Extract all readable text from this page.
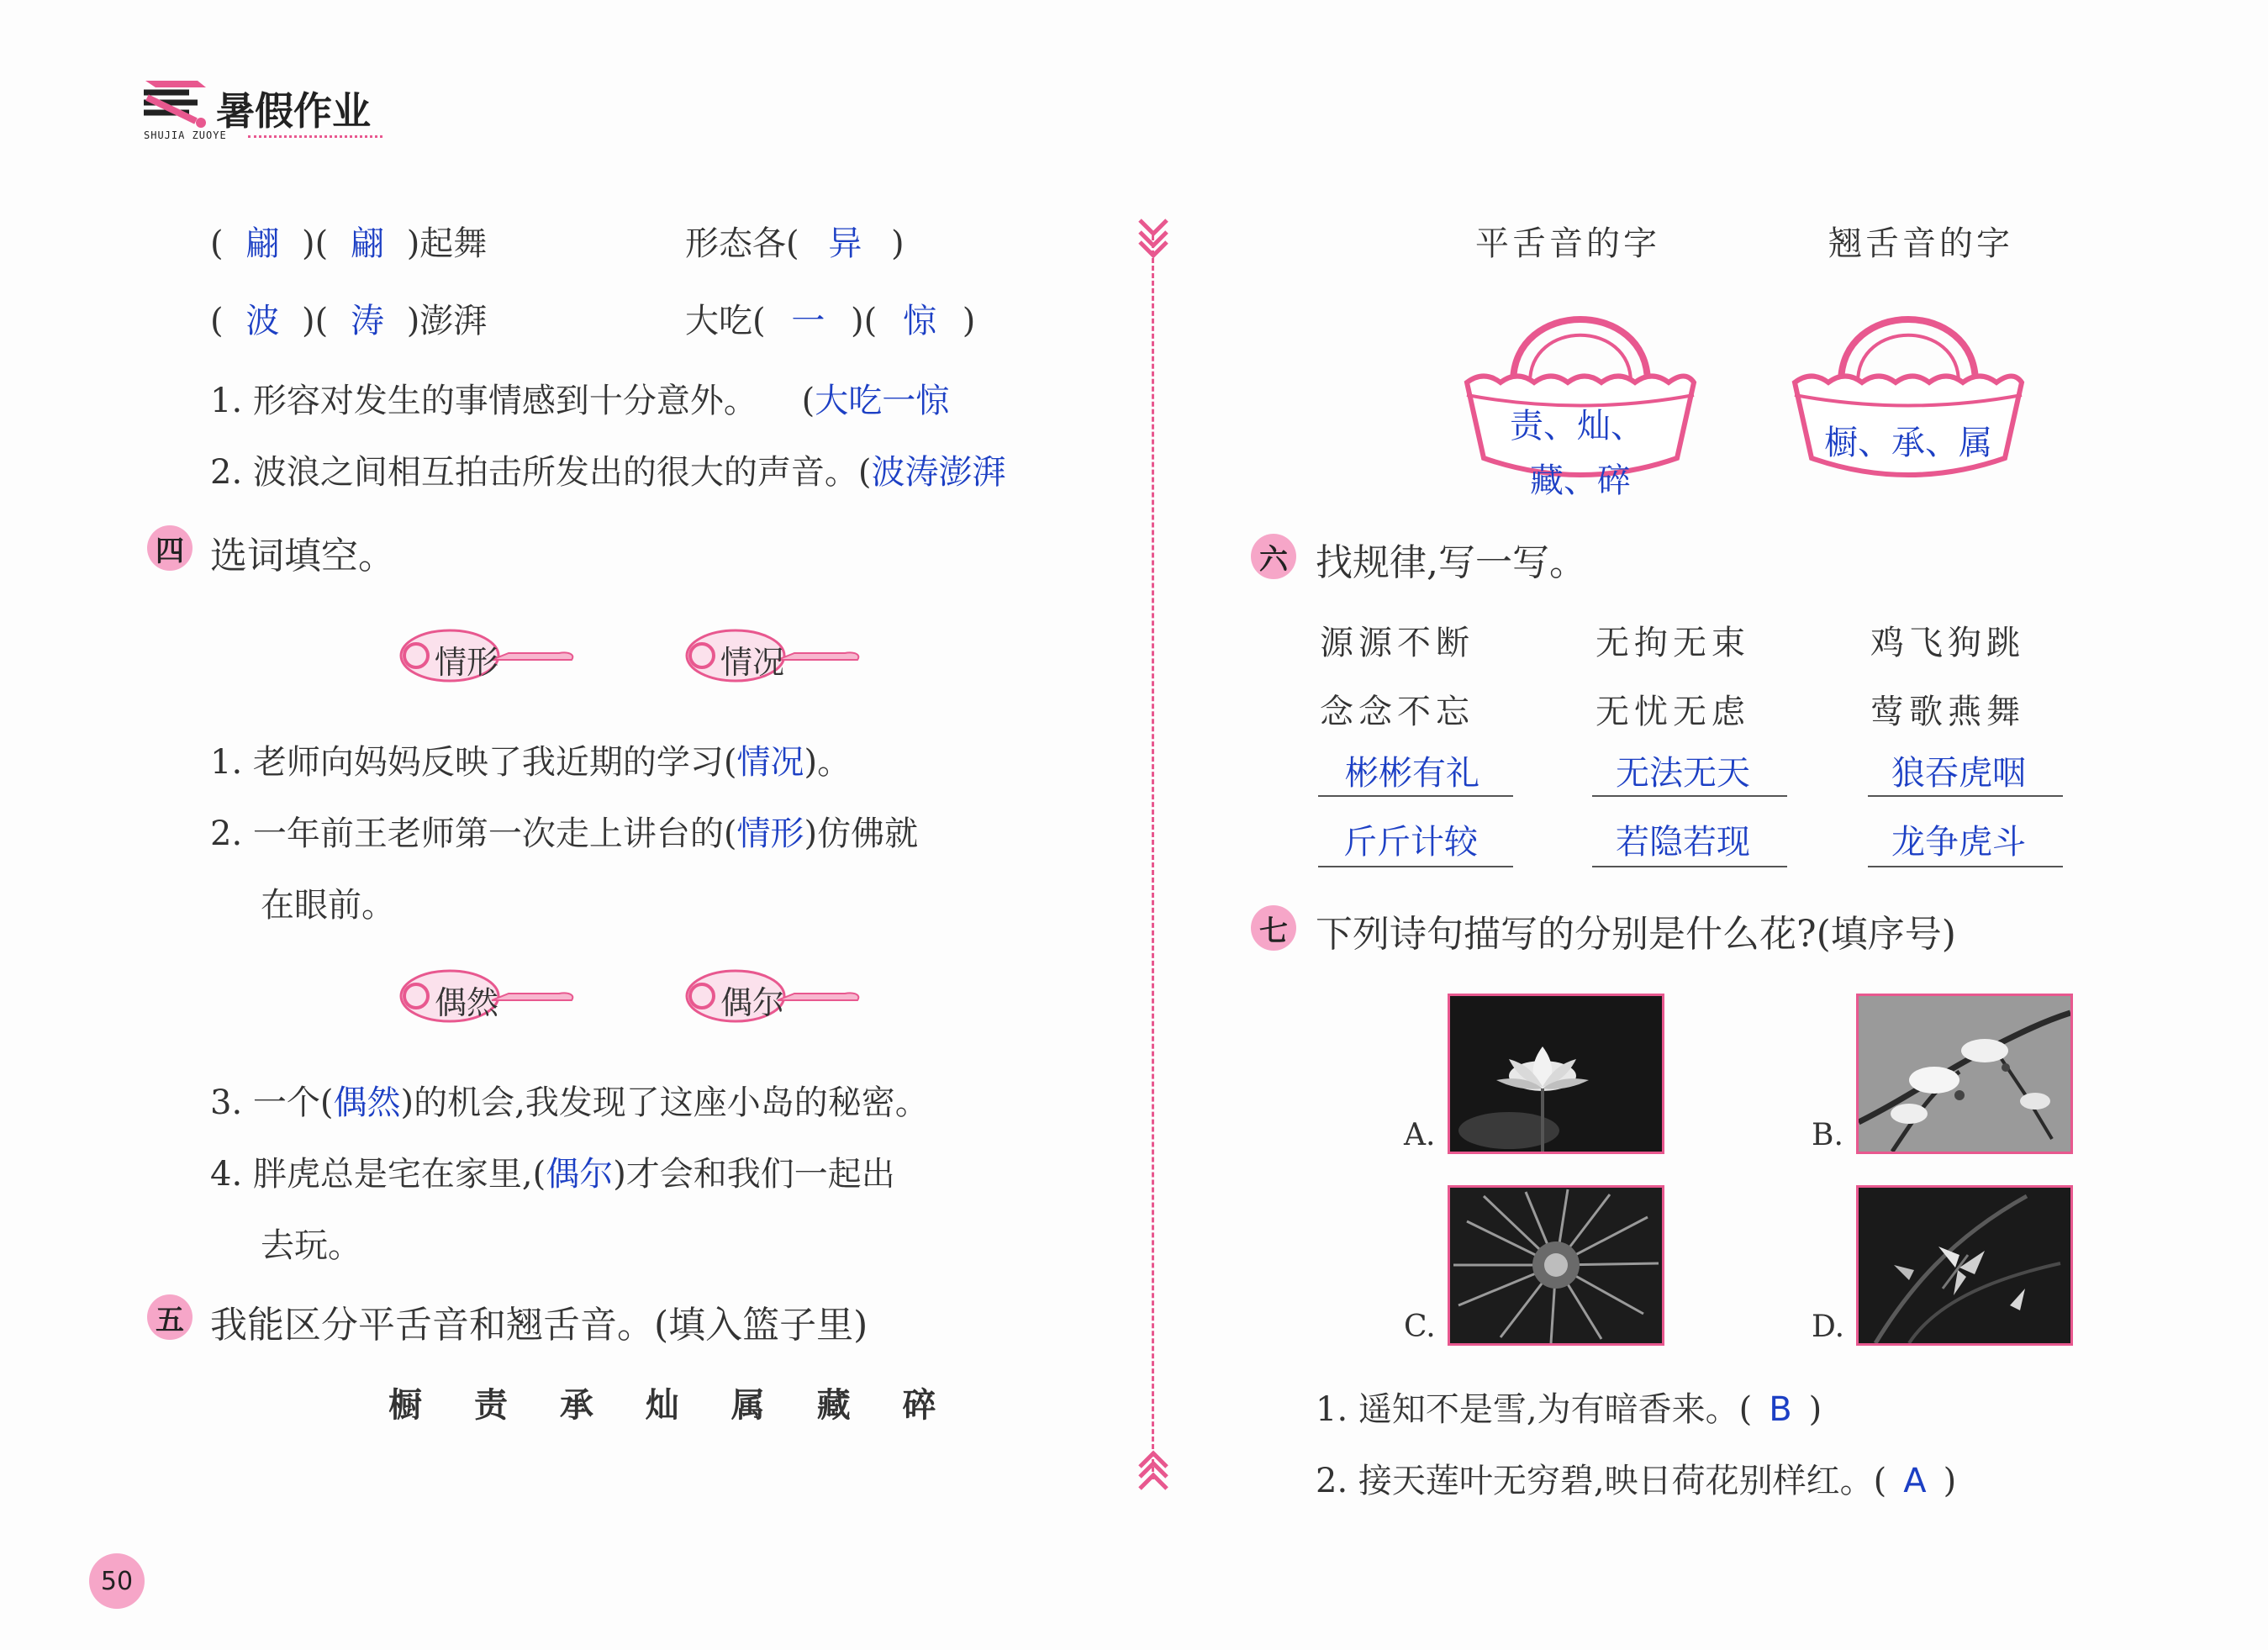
暑假作业
SHUJIA ZUOYE
( 翩 )( 翩 )起舞	形态各( 异 )
( 波 )( 涛 )澎湃	大吃( 一 )( 惊 )
1. 形容对发生的事情感到十分意外。 (大吃一惊
2. 波浪之间相互拍击所发出的很大的声音。(波涛澎湃
四 选词填空。
情形	情况
1. 老师向妈妈反映了我近期的学习(情况)。
2. 一年前王老师第一次走上讲台的(情形)仿佛就
在眼前。
偶然	偶尔
3. 一个(偶然)的机会,我发现了这座小岛的秘密。
4. 胖虎总是宅在家里,(偶尔)才会和我们一起出
去玩。
五 我能区分平舌音和翘舌音。(填入篮子里)
橱 责 承 灿 属 藏 碎
平舌音的字	翘舌音的字
责、灿、
藏、碎
橱、承、属
六 找规律,写一写。
源源不断	无拘无束	鸡飞狗跳
念念不忘	无忧无虑	莺歌燕舞
彬彬有礼	无法无天	狼吞虎咽
斤斤计较	若隐若现	龙争虎斗
七 下列诗句描写的分别是什么花?(填序号)
A.	B.
C.	D.
1. 遥知不是雪,为有暗香来。( B )
2. 接天莲叶无穷碧,映日荷花别样红。( A )
50
